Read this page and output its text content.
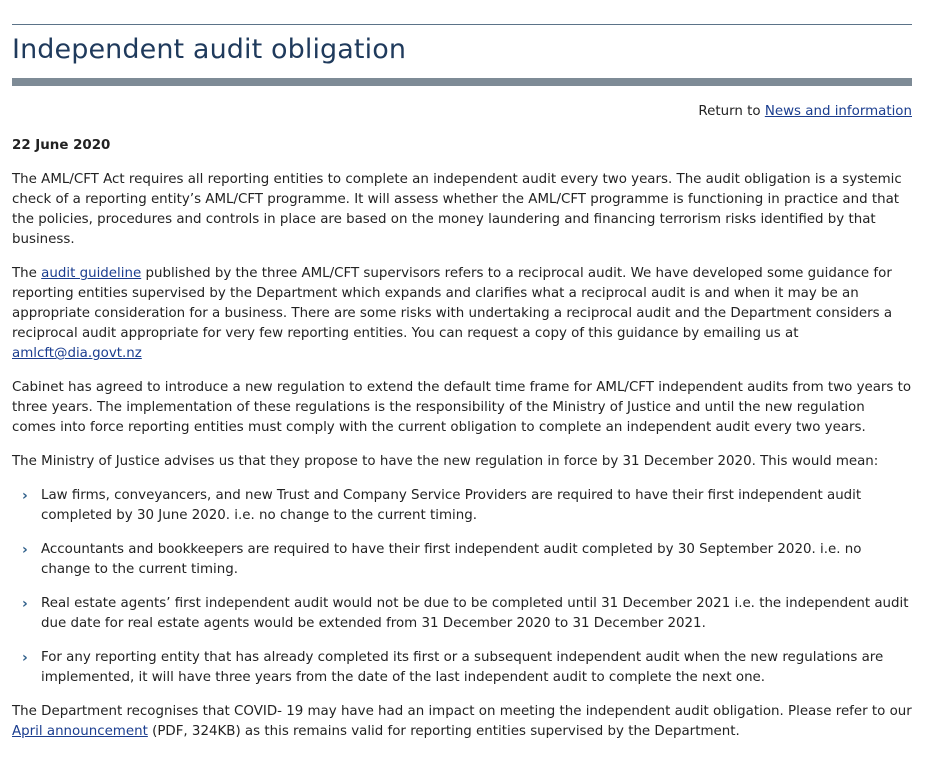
Independent audit obligation
Return to News and information
22 June 2020

The AML/CFT Act requires all reporting entities to complete an independent audit every two years. The audit obligation is a systemic check of a reporting entity’s AML/CFT programme. It will assess whether the AML/CFT programme is functioning in practice and that the policies, procedures and controls in place are based on the money laundering and financing terrorism risks identified by that business.

The audit guideline published by the three AML/CFT supervisors refers to a reciprocal audit. We have developed some guidance for reporting entities supervised by the Department which expands and clarifies what a reciprocal audit is and when it may be an appropriate consideration for a business. There are some risks with undertaking a reciprocal audit and the Department considers a reciprocal audit appropriate for very few reporting entities. You can request a copy of this guidance by emailing us at amlcft@dia.govt.nz

Cabinet has agreed to introduce a new regulation to extend the default time frame for AML/CFT independent audits from two years to three years. The implementation of these regulations is the responsibility of the Ministry of Justice and until the new regulation comes into force reporting entities must comply with the current obligation to complete an independent audit every two years.

The Ministry of Justice advises us that they propose to have the new regulation in force by 31 December 2020. This would mean:

› Law firms, conveyancers, and new Trust and Company Service Providers are required to have their first independent audit completed by 30 June 2020. i.e. no change to the current timing.
› Accountants and bookkeepers are required to have their first independent audit completed by 30 September 2020. i.e. no change to the current timing.
› Real estate agents’ first independent audit would not be due to be completed until 31 December 2021 i.e. the independent audit due date for real estate agents would be extended from 31 December 2020 to 31 December 2021.
› For any reporting entity that has already completed its first or a subsequent independent audit when the new regulations are implemented, it will have three years from the date of the last independent audit to complete the next one.

The Department recognises that COVID- 19 may have had an impact on meeting the independent audit obligation. Please refer to our April announcement (PDF, 324KB) as this remains valid for reporting entities supervised by the Department.
